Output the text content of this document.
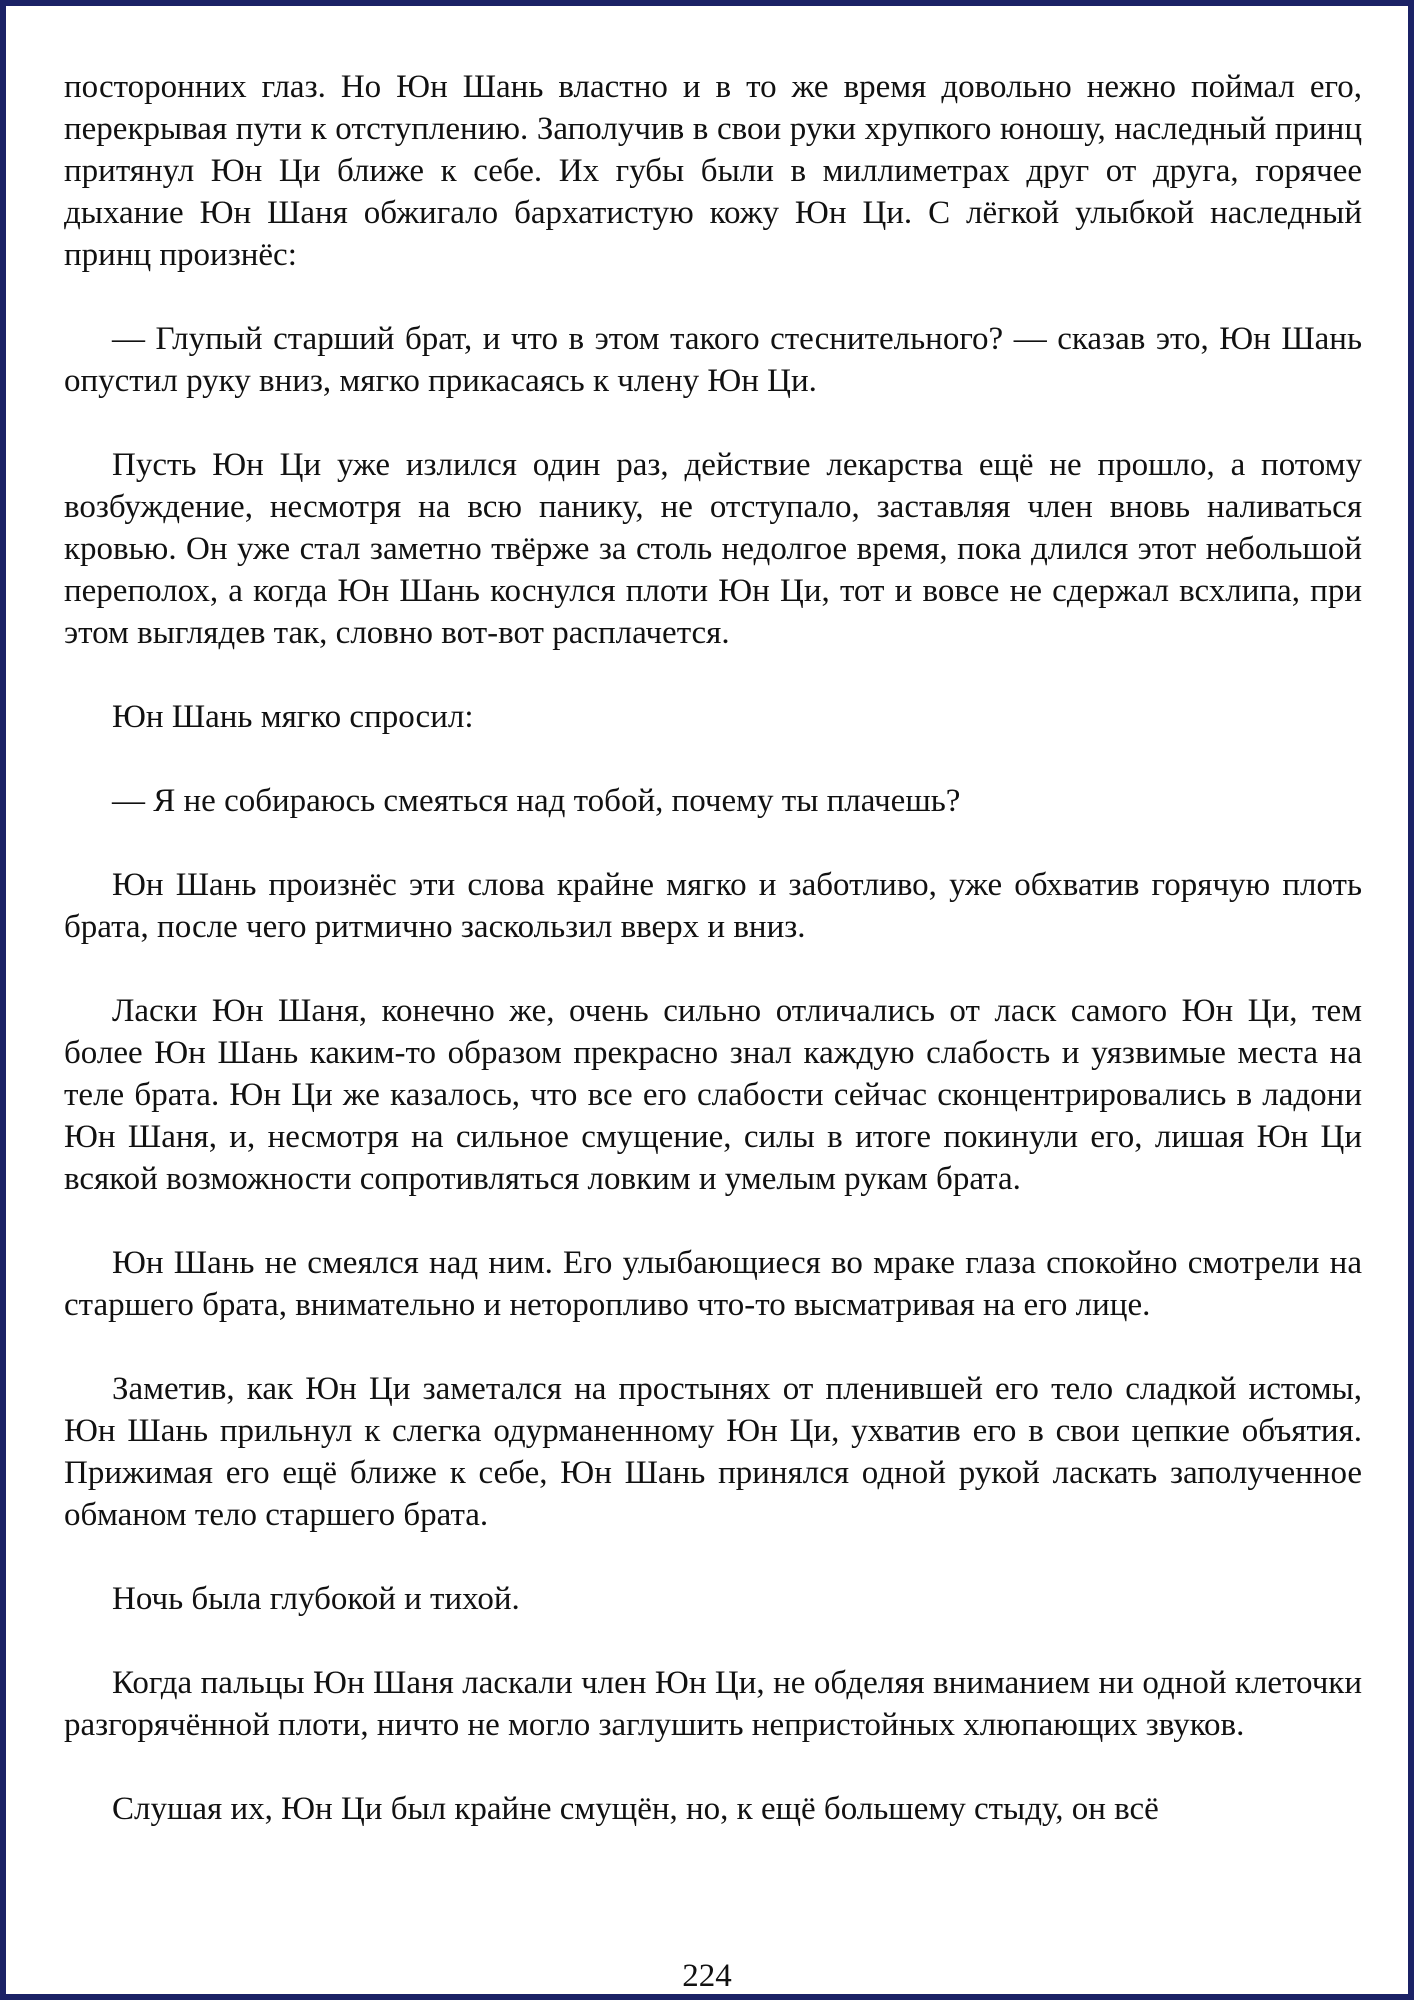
посторонних глаз. Но Юн Шань властно и в то же время довольно нежно поймал его, перекрывая пути к отступлению. Заполучив в свои руки хрупкого юношу, наследный принц притянул Юн Ци ближе к себе. Их губы были в миллиметрах друг от друга, горячее дыхание Юн Шаня обжигало бархатистую кожу Юн Ци. С лёгкой улыбкой наследный принц произнёс:

— Глупый старший брат, и что в этом такого стеснительного? — сказав это, Юн Шань опустил руку вниз, мягко прикасаясь к члену Юн Ци.

Пусть Юн Ци уже излился один раз, действие лекарства ещё не прошло, а потому возбуждение, несмотря на всю панику, не отступало, заставляя член вновь наливаться кровью. Он уже стал заметно твёрже за столь недолгое время, пока длился этот небольшой переполох, а когда Юн Шань коснулся плоти Юн Ци, тот и вовсе не сдержал всхлипа, при этом выглядев так, словно вот-вот расплачется.

Юн Шань мягко спросил:

— Я не собираюсь смеяться над тобой, почему ты плачешь?

Юн Шань произнёс эти слова крайне мягко и заботливо, уже обхватив горячую плоть брата, после чего ритмично заскользил вверх и вниз.

Ласки Юн Шаня, конечно же, очень сильно отличались от ласк самого Юн Ци, тем более Юн Шань каким-то образом прекрасно знал каждую слабость и уязвимые места на теле брата. Юн Ци же казалось, что все его слабости сейчас сконцентрировались в ладони Юн Шаня, и, несмотря на сильное смущение, силы в итоге покинули его, лишая Юн Ци всякой возможности сопротивляться ловким и умелым рукам брата.

Юн Шань не смеялся над ним. Его улыбающиеся во мраке глаза спокойно смотрели на старшего брата, внимательно и неторопливо что-то высматривая на его лице.

Заметив, как Юн Ци заметался на простынях от пленившей его тело сладкой истомы, Юн Шань прильнул к слегка одурманенному Юн Ци, ухватив его в свои цепкие объятия. Прижимая его ещё ближе к себе, Юн Шань принялся одной рукой ласкать заполученное обманом тело старшего брата.

Ночь была глубокой и тихой.

Когда пальцы Юн Шаня ласкали член Юн Ци, не обделяя вниманием ни одной клеточки разгорячённой плоти, ничто не могло заглушить непристойных хлюпающих звуков.

Слушая их, Юн Ци был крайне смущён, но, к ещё большему стыду, он всё

224
